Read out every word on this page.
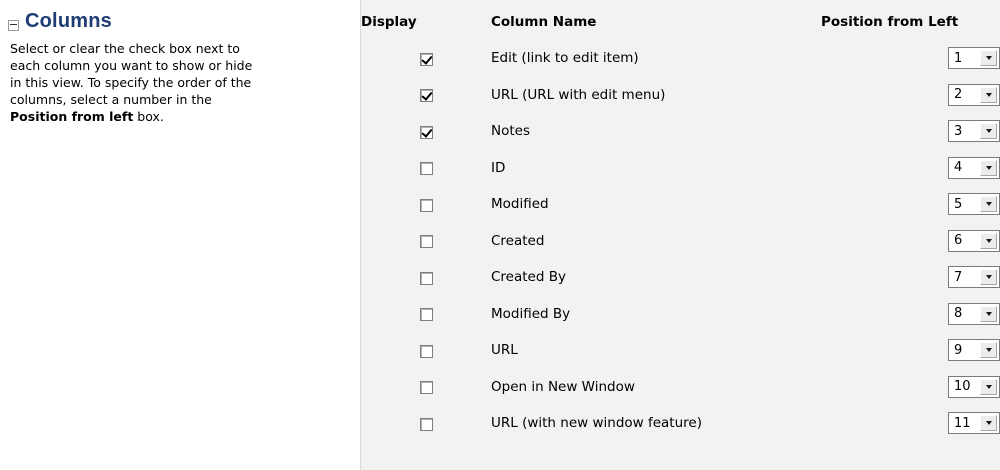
Columns
Select or clear the check box next to
each column you want to show or hide
in this view. To specify the order of the
columns, select a number in the
Position from left box.
Display	Column Name	Position from Left
	Edit (link to edit item)	1

	URL (URL with edit menu)	2

	Notes	3

	ID	4

	Modified	5

	Created	6

	Created By	7

	Modified By	8

	URL	9

	Open in New Window	10

	URL (with new window feature)	11
